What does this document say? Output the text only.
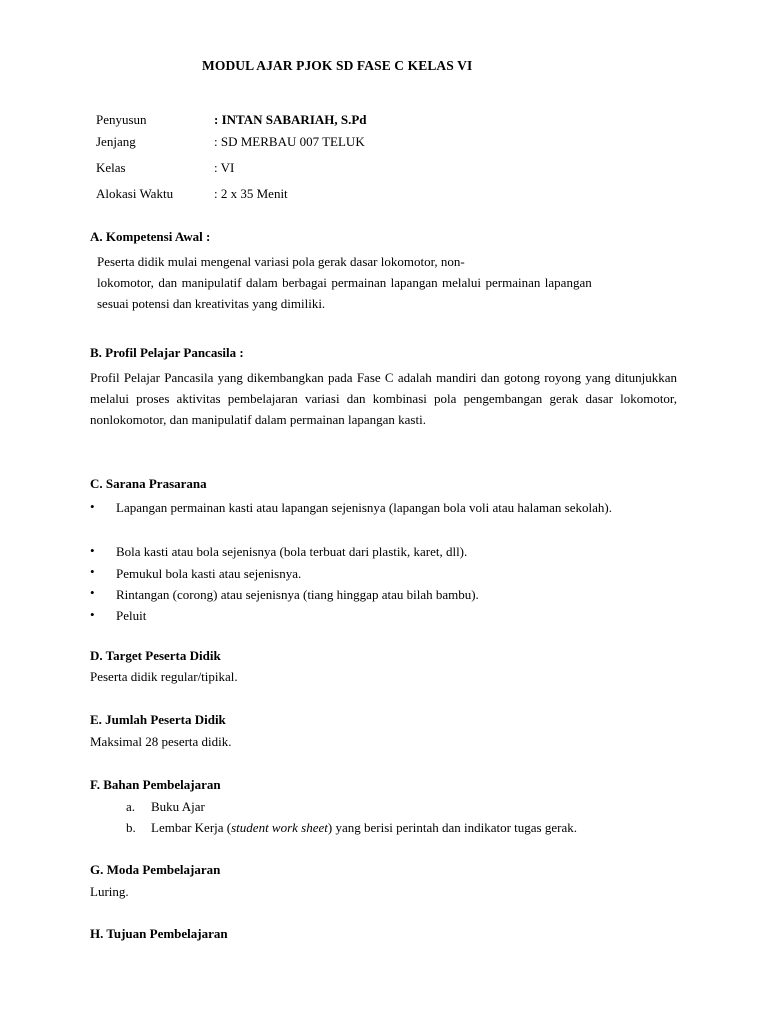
MODUL AJAR PJOK SD FASE C KELAS VI
Penyusun	: INTAN SABARIAH, S.Pd
Jenjang	: SD MERBAU 007 TELUK
Kelas	: VI
Alokasi Waktu	: 2 x 35 Menit
A. Kompetensi Awal :
Peserta didik mulai mengenal variasi pola gerak dasar lokomotor, non-
lokomotor, dan manipulatif dalam berbagai permainan lapangan melalui permainan lapangan
sesuai potensi dan kreativitas yang dimiliki.
B. Profil Pelajar Pancasila :
Profil Pelajar Pancasila yang dikembangkan pada Fase C adalah mandiri dan gotong royong yang ditunjukkan melalui proses aktivitas pembelajaran variasi dan kombinasi pola pengembangan gerak dasar lokomotor, nonlokomotor, dan manipulatif dalam permainan lapangan kasti.
C. Sarana Prasarana
• Lapangan permainan kasti atau lapangan sejenisnya (lapangan bola voli atau halaman sekolah).
• Bola kasti atau bola sejenisnya (bola terbuat dari plastik, karet, dll).
• Pemukul bola kasti atau sejenisnya.
• Rintangan (corong) atau sejenisnya (tiang hinggap atau bilah bambu).
• Peluit
D. Target Peserta Didik
Peserta didik regular/tipikal.
E. Jumlah Peserta Didik
Maksimal 28 peserta didik.
F. Bahan Pembelajaran
a. Buku Ajar
b. Lembar Kerja (student work sheet) yang berisi perintah dan indikator tugas gerak.
G. Moda Pembelajaran
Luring.
H. Tujuan Pembelajaran
